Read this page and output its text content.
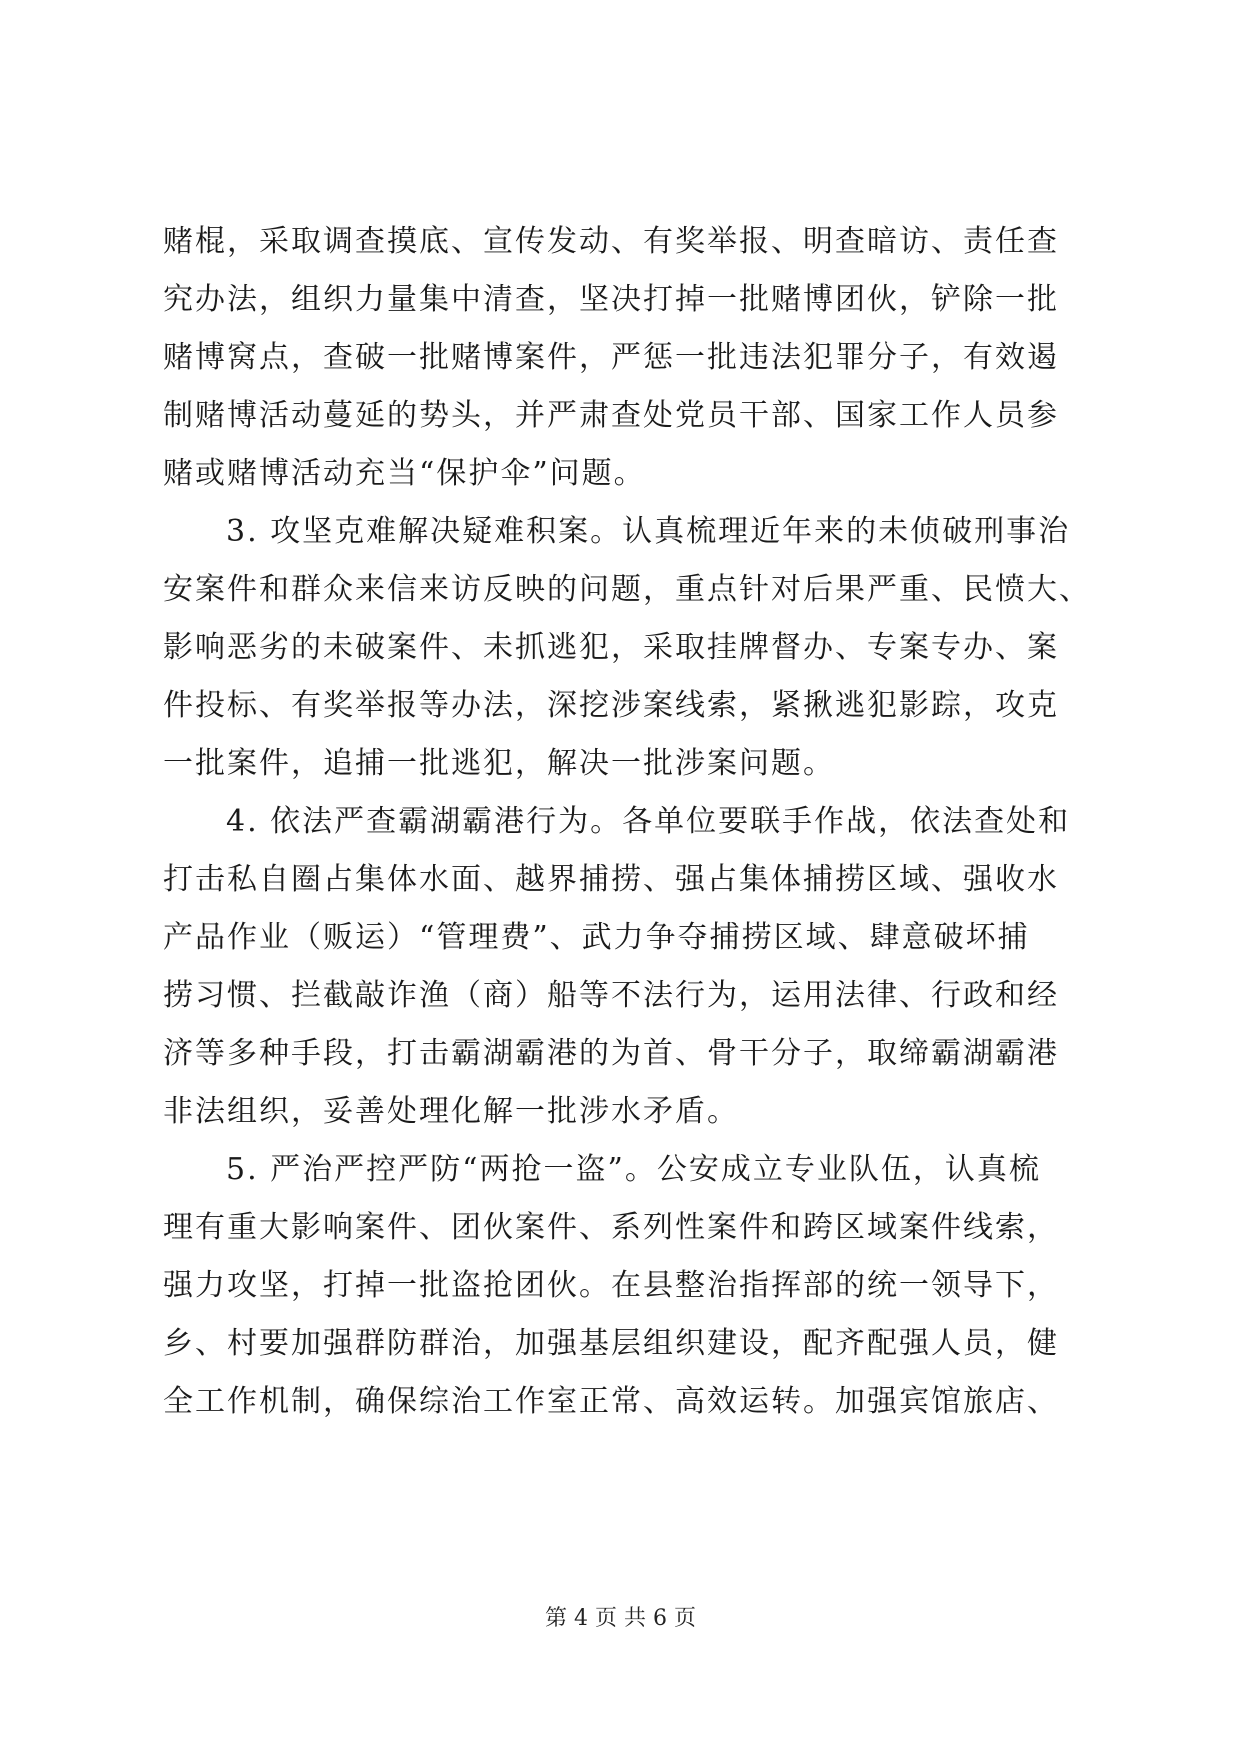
赌棍，采取调查摸底、宣传发动、有奖举报、明查暗访、责任查
究办法，组织力量集中清查，坚决打掉一批赌博团伙，铲除一批
赌博窝点，查破一批赌博案件，严惩一批违法犯罪分子，有效遏
制赌博活动蔓延的势头，并严肃查处党员干部、国家工作人员参
赌或赌博活动充当“保护伞”问题。
3. 攻坚克难解决疑难积案。认真梳理近年来的未侦破刑事治
安案件和群众来信来访反映的问题，重点针对后果严重、民愤大、
影响恶劣的未破案件、未抓逃犯，采取挂牌督办、专案专办、案
件投标、有奖举报等办法，深挖涉案线索，紧揪逃犯影踪，攻克
一批案件，追捕一批逃犯，解决一批涉案问题。
4. 依法严查霸湖霸港行为。各单位要联手作战，依法查处和
打击私自圈占集体水面、越界捕捞、强占集体捕捞区域、强收水
产品作业（贩运）“管理费”、武力争夺捕捞区域、肆意破坏捕
捞习惯、拦截敲诈渔（商）船等不法行为，运用法律、行政和经
济等多种手段，打击霸湖霸港的为首、骨干分子，取缔霸湖霸港
非法组织，妥善处理化解一批涉水矛盾。
5. 严治严控严防“两抢一盗”。公安成立专业队伍，认真梳
理有重大影响案件、团伙案件、系列性案件和跨区域案件线索，
强力攻坚，打掉一批盗抢团伙。在县整治指挥部的统一领导下，
乡、村要加强群防群治，加强基层组织建设，配齐配强人员，健
全工作机制，确保综治工作室正常、高效运转。加强宾馆旅店、
第 4 页 共 6 页
